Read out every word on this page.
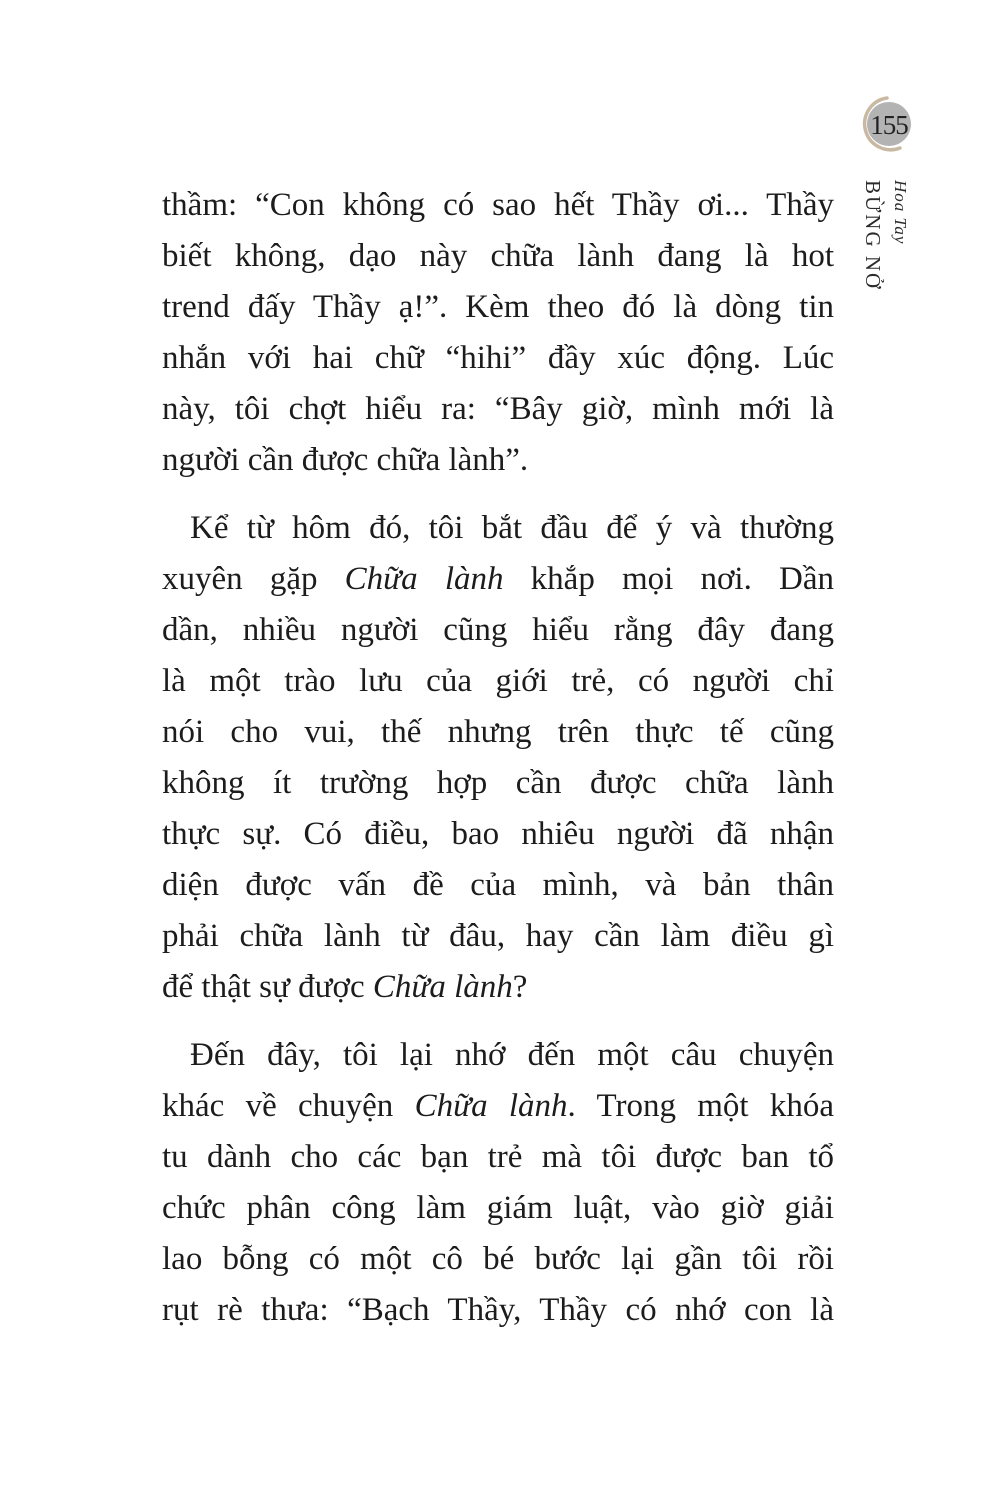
155
Hoa Tay
BỪNG NỞ
thầm: “Con không có sao hết Thầy ơi... Thầy
biết không, dạo này chữa lành đang là hot
trend đấy Thầy ạ!”. Kèm theo đó là dòng tin
nhắn với hai chữ “hihi” đầy xúc động. Lúc
này, tôi chợt hiểu ra: “Bây giờ, mình mới là
người cần được chữa lành”.
Kể từ hôm đó, tôi bắt đầu để ý và thường
xuyên gặp Chữa lành khắp mọi nơi. Dần
dần, nhiều người cũng hiểu rằng đây đang
là một trào lưu của giới trẻ, có người chỉ
nói cho vui, thế nhưng trên thực tế cũng
không ít trường hợp cần được chữa lành
thực sự. Có điều, bao nhiêu người đã nhận
diện được vấn đề của mình, và bản thân
phải chữa lành từ đâu, hay cần làm điều gì
để thật sự được Chữa lành?
Đến đây, tôi lại nhớ đến một câu chuyện
khác về chuyện Chữa lành. Trong một khóa
tu dành cho các bạn trẻ mà tôi được ban tổ
chức phân công làm giám luật, vào giờ giải
lao bỗng có một cô bé bước lại gần tôi rồi
rụt rè thưa: “Bạch Thầy, Thầy có nhớ con là
